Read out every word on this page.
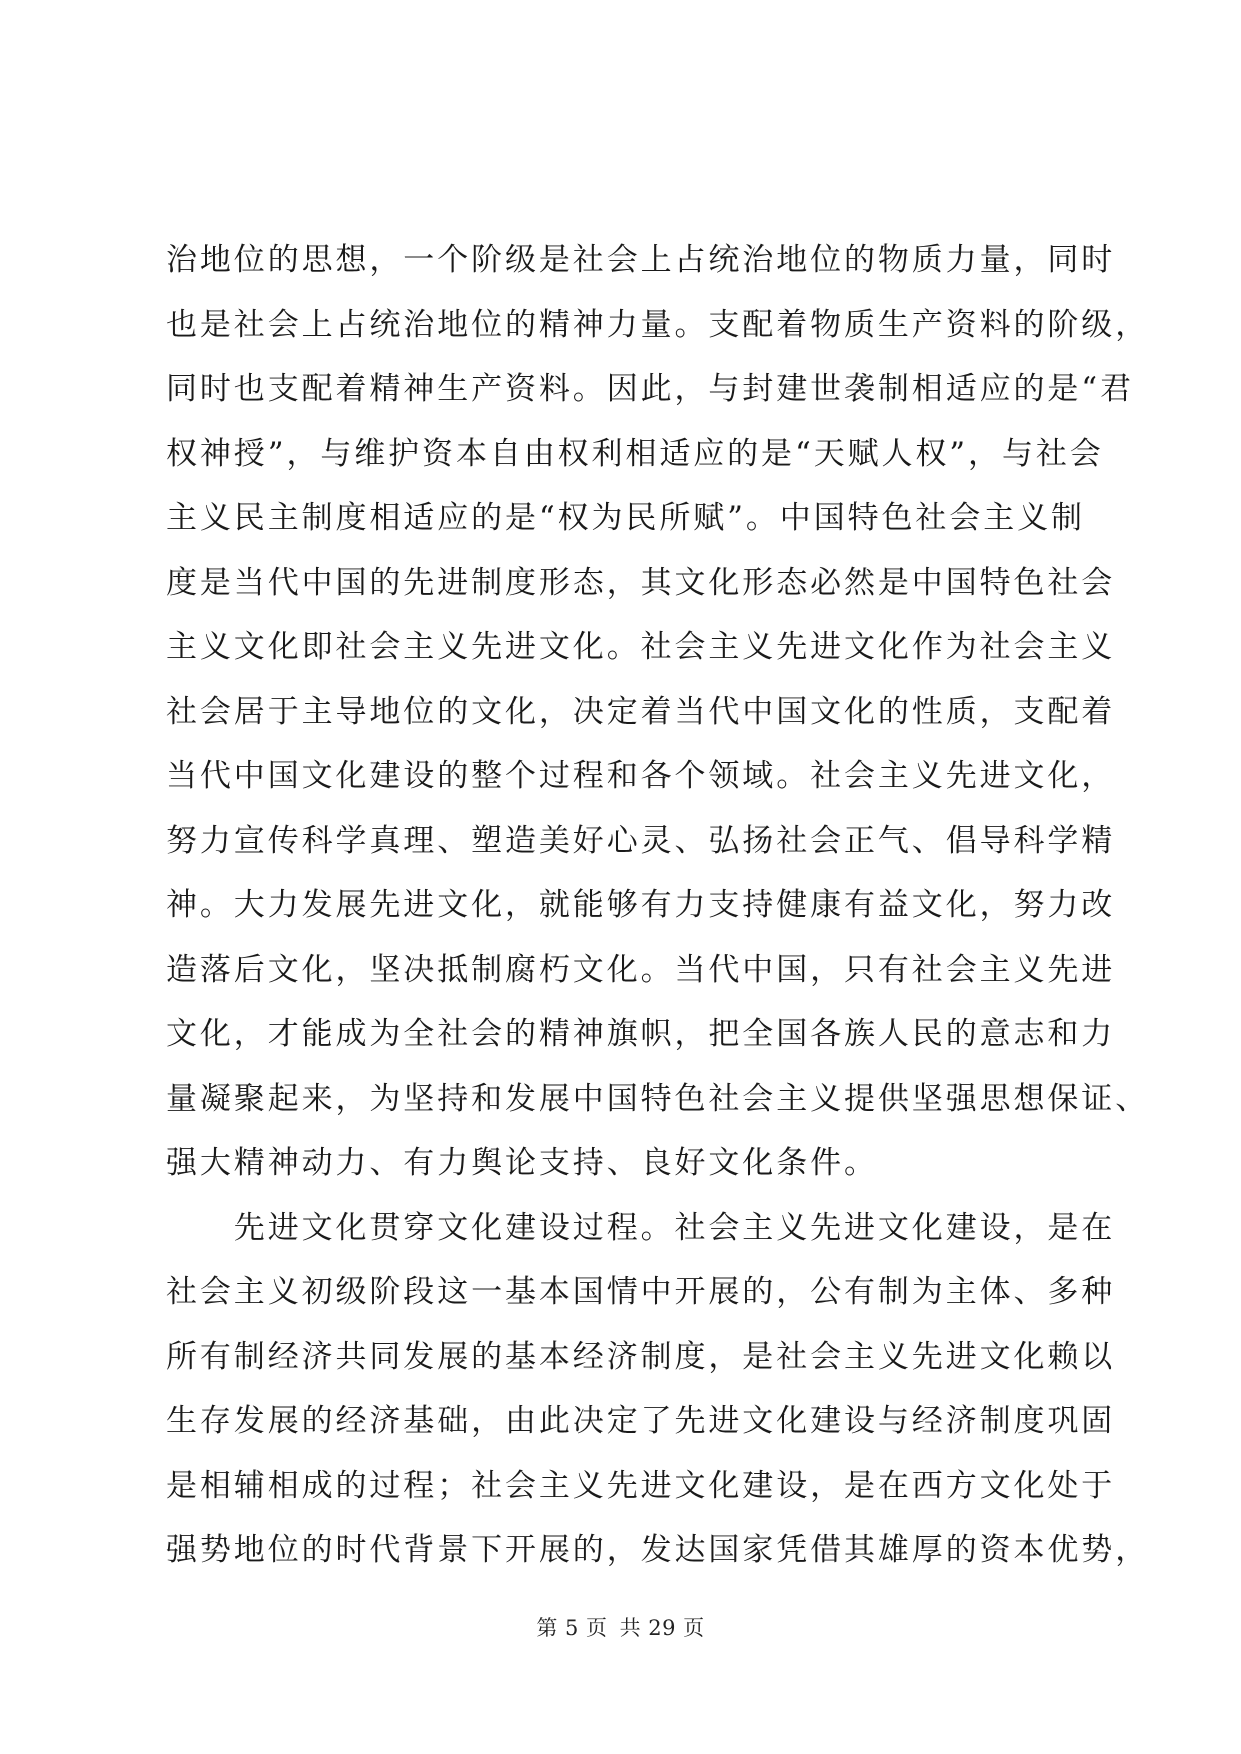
治地位的思想，一个阶级是社会上占统治地位的物质力量，同时
也是社会上占统治地位的精神力量。支配着物质生产资料的阶级，
同时也支配着精神生产资料。因此，与封建世袭制相适应的是“君
权神授”，与维护资本自由权利相适应的是“天赋人权”，与社会
主义民主制度相适应的是“权为民所赋”。中国特色社会主义制
度是当代中国的先进制度形态，其文化形态必然是中国特色社会
主义文化即社会主义先进文化。社会主义先进文化作为社会主义
社会居于主导地位的文化，决定着当代中国文化的性质，支配着
当代中国文化建设的整个过程和各个领域。社会主义先进文化，
努力宣传科学真理、塑造美好心灵、弘扬社会正气、倡导科学精
神。大力发展先进文化，就能够有力支持健康有益文化，努力改
造落后文化，坚决抵制腐朽文化。当代中国，只有社会主义先进
文化，才能成为全社会的精神旗帜，把全国各族人民的意志和力
量凝聚起来，为坚持和发展中国特色社会主义提供坚强思想保证、
强大精神动力、有力舆论支持、良好文化条件。
　　先进文化贯穿文化建设过程。社会主义先进文化建设，是在
社会主义初级阶段这一基本国情中开展的，公有制为主体、多种
所有制经济共同发展的基本经济制度，是社会主义先进文化赖以
生存发展的经济基础，由此决定了先进文化建设与经济制度巩固
是相辅相成的过程；社会主义先进文化建设，是在西方文化处于
强势地位的时代背景下开展的，发达国家凭借其雄厚的资本优势，
第 5 页 共 29 页
